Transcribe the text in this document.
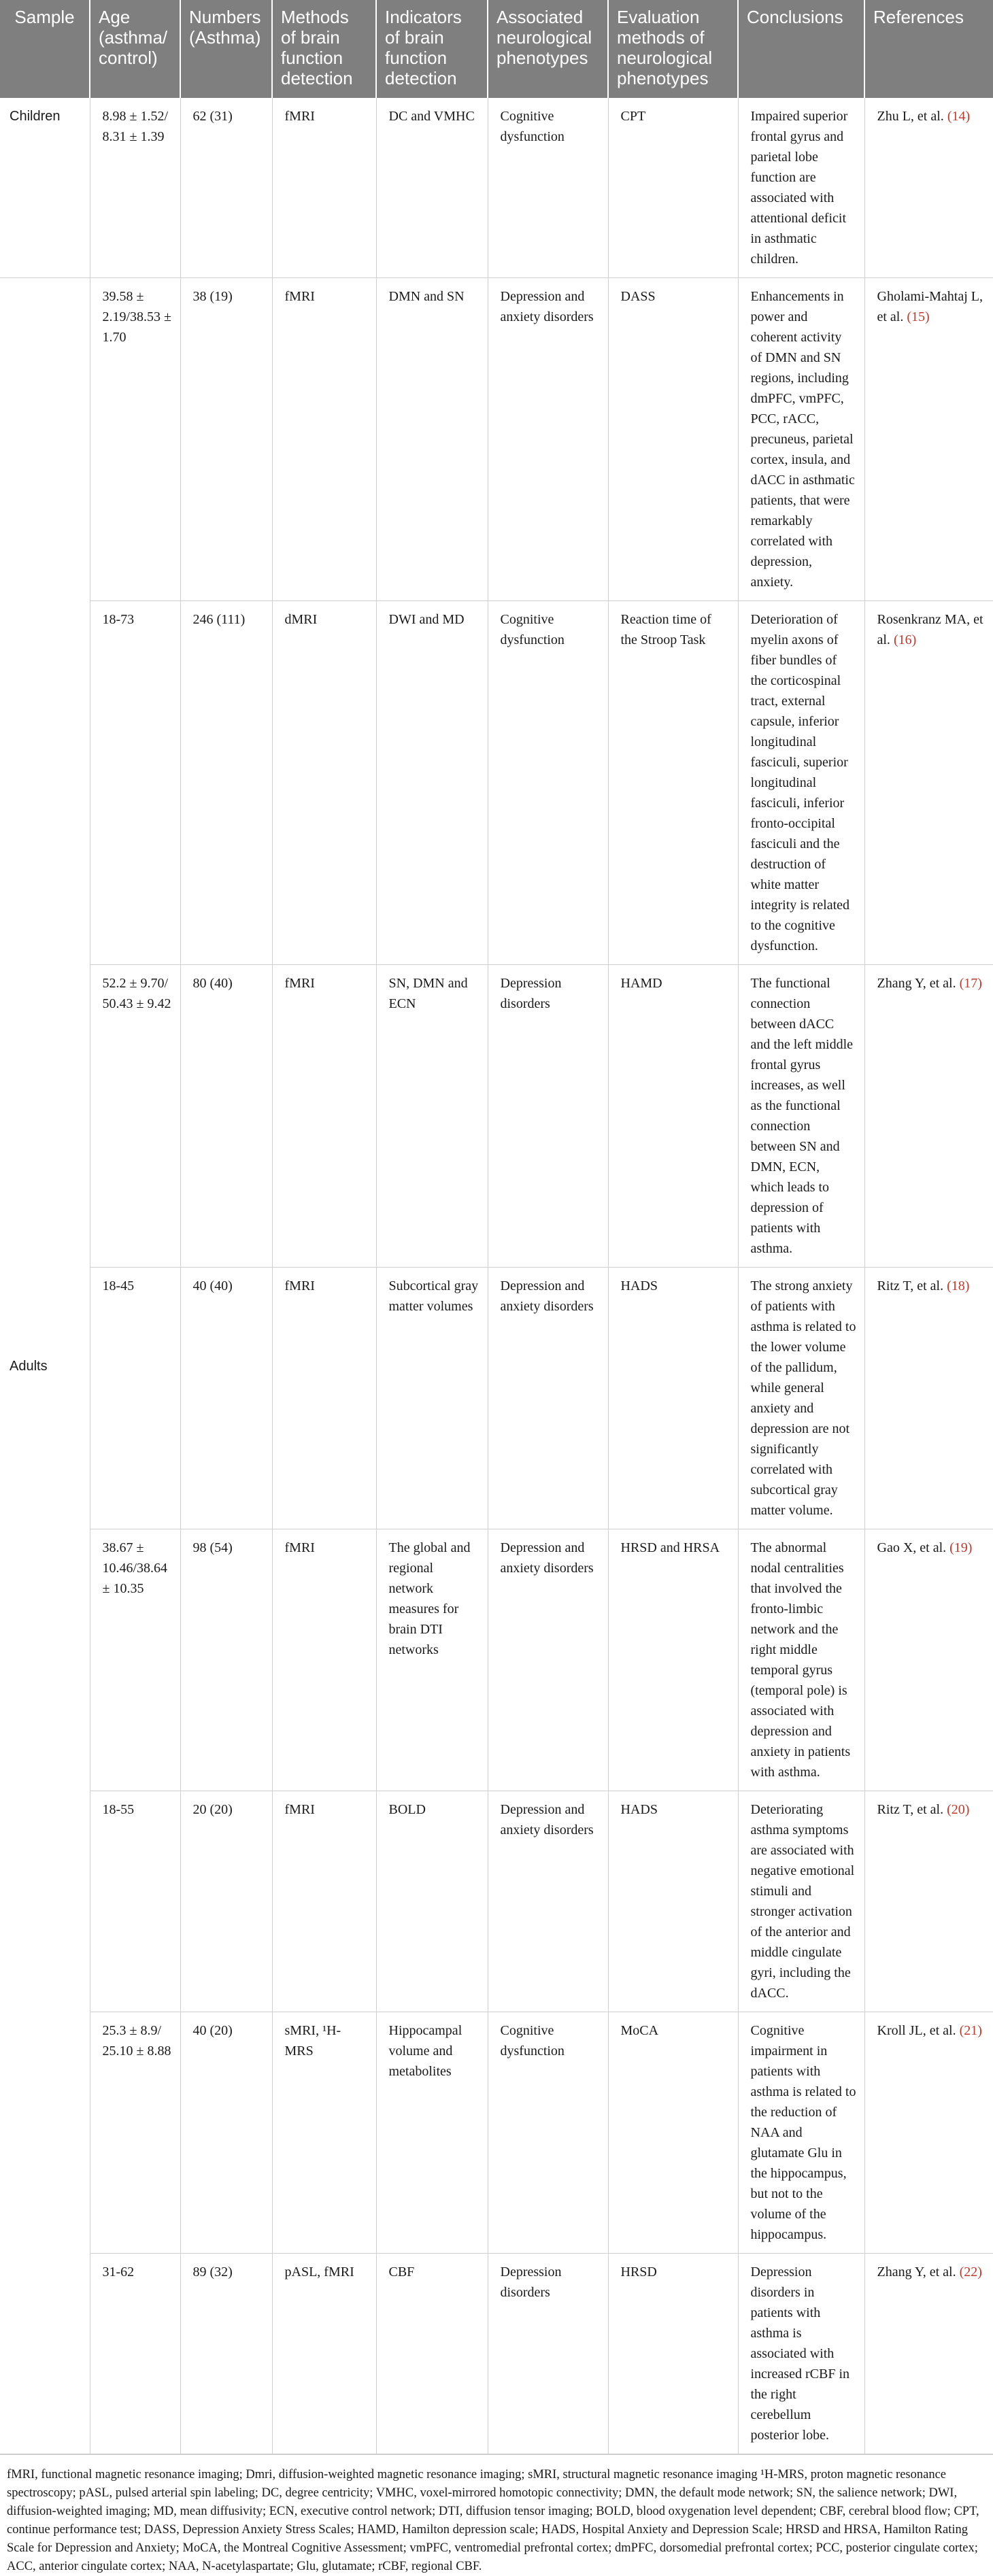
Sample	Age (asthma/ control)	Numbers (Asthma)	Methods of brain function detection	Indicators of brain function detection	Associated neurological phenotypes	Evaluation methods of neurological phenotypes	Conclusions	References
Children	8.98 ± 1.52/ 8.31 ± 1.39	62 (31)	fMRI	DC and VMHC	Cognitive dysfunction	CPT	Impaired superior frontal gyrus and parietal lobe function are associated with attentional deficit in asthmatic children.	Zhu L, et al. (14)
Adults	39.58 ± 2.19/38.53 ± 1.70	38 (19)	fMRI	DMN and SN	Depression and anxiety disorders	DASS	Enhancements in power and coherent activity of DMN and SN regions, including dmPFC, vmPFC, PCC, rACC, precuneus, parietal cortex, insula, and dACC in asthmatic patients, that were remarkably correlated with depression, anxiety.	Gholami-Mahtaj L, et al. (15)
	18-73	246 (111)	dMRI	DWI and MD	Cognitive dysfunction	Reaction time of the Stroop Task	Deterioration of myelin axons of fiber bundles of the corticospinal tract, external capsule, inferior longitudinal fasciculi, superior longitudinal fasciculi, inferior fronto-occipital fasciculi and the destruction of white matter integrity is related to the cognitive dysfunction.	Rosenkranz MA, et al. (16)
	52.2 ± 9.70/ 50.43 ± 9.42	80 (40)	fMRI	SN, DMN and ECN	Depression disorders	HAMD	The functional connection between dACC and the left middle frontal gyrus increases, as well as the functional connection between SN and DMN, ECN, which leads to depression of patients with asthma.	Zhang Y, et al. (17)
	18-45	40 (40)	fMRI	Subcortical gray matter volumes	Depression and anxiety disorders	HADS	The strong anxiety of patients with asthma is related to the lower volume of the pallidum, while general anxiety and depression are not significantly correlated with subcortical gray matter volume.	Ritz T, et al. (18)
	38.67 ± 10.46/38.64 ± 10.35	98 (54)	fMRI	The global and regional network measures for brain DTI networks	Depression and anxiety disorders	HRSD and HRSA	The abnormal nodal centralities that involved the fronto-limbic network and the right middle temporal gyrus (temporal pole) is associated with depression and anxiety in patients with asthma.	Gao X, et al. (19)
	18-55	20 (20)	fMRI	BOLD	Depression and anxiety disorders	HADS	Deteriorating asthma symptoms are associated with negative emotional stimuli and stronger activation of the anterior and middle cingulate gyri, including the dACC.	Ritz T, et al. (20)
	25.3 ± 8.9/ 25.10 ± 8.88	40 (20)	sMRI, ¹H-MRS	Hippocampal volume and metabolites	Cognitive dysfunction	MoCA	Cognitive impairment in patients with asthma is related to the reduction of NAA and glutamate Glu in the hippocampus, but not to the volume of the hippocampus.	Kroll JL, et al. (21)
	31-62	89 (32)	pASL, fMRI	CBF	Depression disorders	HRSD	Depression disorders in patients with asthma is associated with increased rCBF in the right cerebellum posterior lobe.	Zhang Y, et al. (22)

fMRI, functional magnetic resonance imaging; Dmri, diffusion-weighted magnetic resonance imaging; sMRI, structural magnetic resonance imaging ¹H-MRS, proton magnetic resonance spectroscopy; pASL, pulsed arterial spin labeling; DC, degree centricity; VMHC, voxel-mirrored homotopic connectivity; DMN, the default mode network; SN, the salience network; DWI, diffusion-weighted imaging; MD, mean diffusivity; ECN, executive control network; DTI, diffusion tensor imaging; BOLD, blood oxygenation level dependent; CBF, cerebral blood flow; CPT, continue performance test; DASS, Depression Anxiety Stress Scales; HAMD, Hamilton depression scale; HADS, Hospital Anxiety and Depression Scale; HRSD and HRSA, Hamilton Rating Scale for Depression and Anxiety; MoCA, the Montreal Cognitive Assessment; vmPFC, ventromedial prefrontal cortex; dmPFC, dorsomedial prefrontal cortex; PCC, posterior cingulate cortex; ACC, anterior cingulate cortex; NAA, N-acetylaspartate; Glu, glutamate; rCBF, regional CBF.
